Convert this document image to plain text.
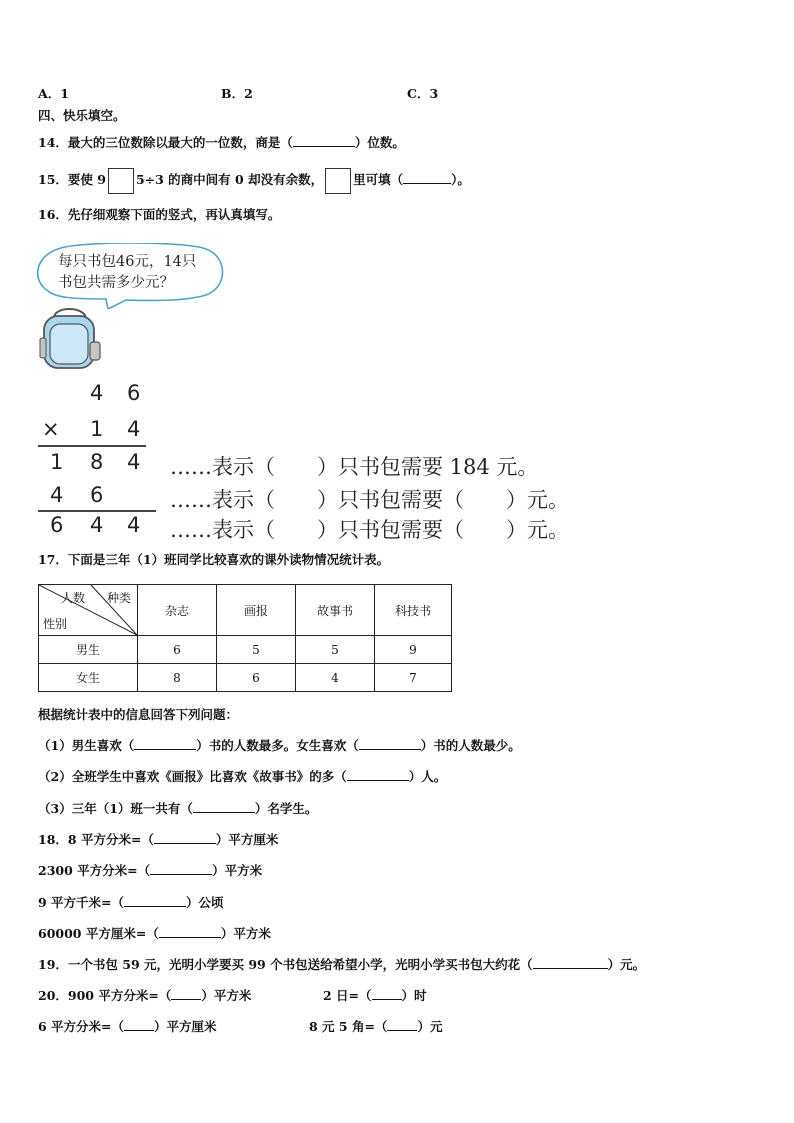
A．1	B．2	C．3
四、快乐填空。
14．最大的三位数除以最大的一位数，商是（	）位数。
15．要使 9 5÷3 的商中间有 0 却没有余数， 里可填（	）。
16．先仔细观察下面的竖式，再认真填写。
每只书包46元，14只
书包共需多少元？
4 6
× 1 4
1 8 4 ……表示（　　）只书包需要 184 元。
4 6	……表示（　　）只书包需要（　　）元。
6 4 4 ……表示（　　）只书包需要（　　）元。
17．下面是三年（1）班同学比较喜欢的课外读物情况统计表。
种类
人数
性别	杂志	画报	故事书	科技书
男生	6	5	5	9
女生	8	6	4	7
根据统计表中的信息回答下列问题：
（1）男生喜欢（	）书的人数最多。女生喜欢（	）书的人数最少。
（2）全班学生中喜欢《画报》比喜欢《故事书》的多（	）人。
（3）三年（1）班一共有（	）名学生。
18．8 平方分米=（	）平方厘米
2300 平方分米=（	）平方米
9 平方千米=（	）公顷
60000 平方厘米=（	）平方米
19．一个书包 59 元，光明小学要买 99 个书包送给希望小学，光明小学买书包大约花（	）元。
20．900 平方分米=（ ）平方米	2 日=（ ）时
6 平方分米=（ ）平方厘米	8 元 5 角=（ ）元
